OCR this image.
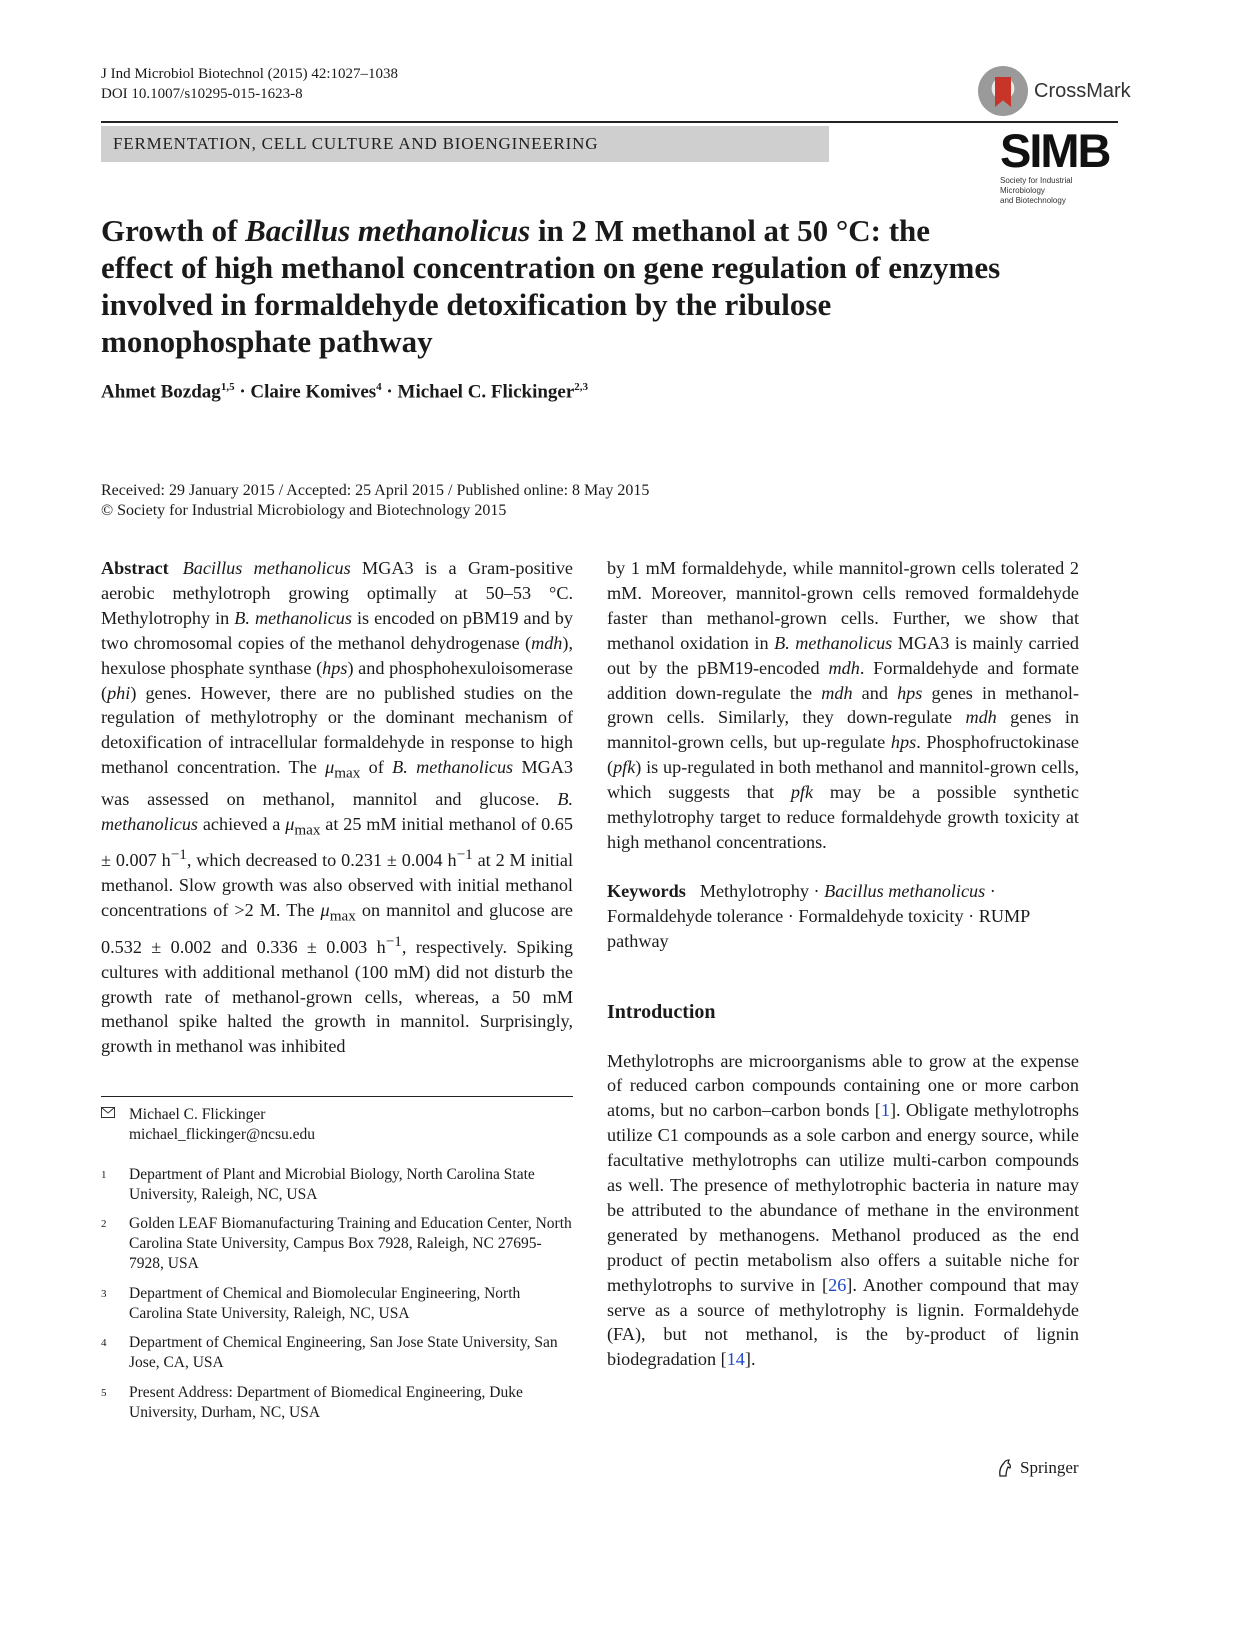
J Ind Microbiol Biotechnol (2015) 42:1027–1038
DOI 10.1007/s10295-015-1623-8	CrossMark
FERMENTATION, CELL CULTURE AND BIOENGINEERING	SIMB
Society for Industrial Microbiology
and Biotechnology
Growth of Bacillus methanolicus in 2 M methanol at 50 °C: the effect of high methanol concentration on gene regulation of enzymes involved in formaldehyde detoxification by the ribulose monophosphate pathway
Ahmet Bozdag$^{1,5}$ · Claire Komives$^4$ · Michael C. Flickinger$^{2,3}$
Received: 29 January 2015 / Accepted: 25 April 2015 / Published online: 8 May 2015
© Society for Industrial Microbiology and Biotechnology 2015

Abstract Bacillus methanolicus MGA3 is a Gram-positive aerobic methylotroph growing optimally at 50–53 °C. Methylotrophy in B. methanolicus is encoded on pBM19 and by two chromosomal copies of the methanol dehydrogenase (mdh), hexulose phosphate synthase (hps) and phosphohexuloisomerase (phi) genes. However, there are no published studies on the regulation of methylotrophy or the dominant mechanism of detoxification of intracellular formaldehyde in response to high methanol concentration. The $\mu_{max}$ of B. methanolicus MGA3 was assessed on methanol, mannitol and glucose. B. methanolicus achieved a $\mu_{max}$ at 25 mM initial methanol of 0.65 ± 0.007 $h^{-1}$, which decreased to 0.231 ± 0.004 $h^{-1}$ at 2 M initial methanol. Slow growth was also observed with initial methanol concentrations of >2 M. The $\mu_{max}$ on mannitol and glucose are 0.532 ± 0.002 and 0.336 ± 0.003 $h^{-1}$, respectively. Spiking cultures with additional methanol (100 mM) did not disturb the growth rate of methanol-grown cells, whereas, a 50 mM methanol spike halted the growth in mannitol. Surprisingly, growth in methanol was inhibited

by 1 mM formaldehyde, while mannitol-grown cells tolerated 2 mM. Moreover, mannitol-grown cells removed formaldehyde faster than methanol-grown cells. Further, we show that methanol oxidation in B. methanolicus MGA3 is mainly carried out by the pBM19-encoded mdh. Formaldehyde and formate addition down-regulate the mdh and hps genes in methanol-grown cells. Similarly, they down-regulate mdh genes in mannitol-grown cells, but up-regulate hps. Phosphofructokinase (pfk) is up-regulated in both methanol and mannitol-grown cells, which suggests that pfk may be a possible synthetic methylotrophy target to reduce formaldehyde growth toxicity at high methanol concentrations.

Keywords Methylotrophy · Bacillus methanolicus · Formaldehyde tolerance · Formaldehyde toxicity · RUMP pathway

Introduction

Methylotrophs are microorganisms able to grow at the expense of reduced carbon compounds containing one or more carbon atoms, but no carbon–carbon bonds [1]. Obligate methylotrophs utilize C1 compounds as a sole carbon and energy source, while facultative methylotrophs can utilize multi-carbon compounds as well. The presence of methylotrophic bacteria in nature may be attributed to the abundance of methane in the environment generated by methanogens. Methanol produced as the end product of pectin metabolism also offers a suitable niche for methylotrophs to survive in [26]. Another compound that may serve as a source of methylotrophy is lignin. Formaldehyde (FA), but not methanol, is the by-product of lignin biodegradation [14].

Michael C. Flickinger
michael_flickinger@ncsu.edu
1 Department of Plant and Microbial Biology, North Carolina State University, Raleigh, NC, USA
2 Golden LEAF Biomanufacturing Training and Education Center, North Carolina State University, Campus Box 7928, Raleigh, NC 27695-7928, USA
3 Department of Chemical and Biomolecular Engineering, North Carolina State University, Raleigh, NC, USA
4 Department of Chemical Engineering, San Jose State University, San Jose, CA, USA
5 Present Address: Department of Biomedical Engineering, Duke University, Durham, NC, USA
Springer
